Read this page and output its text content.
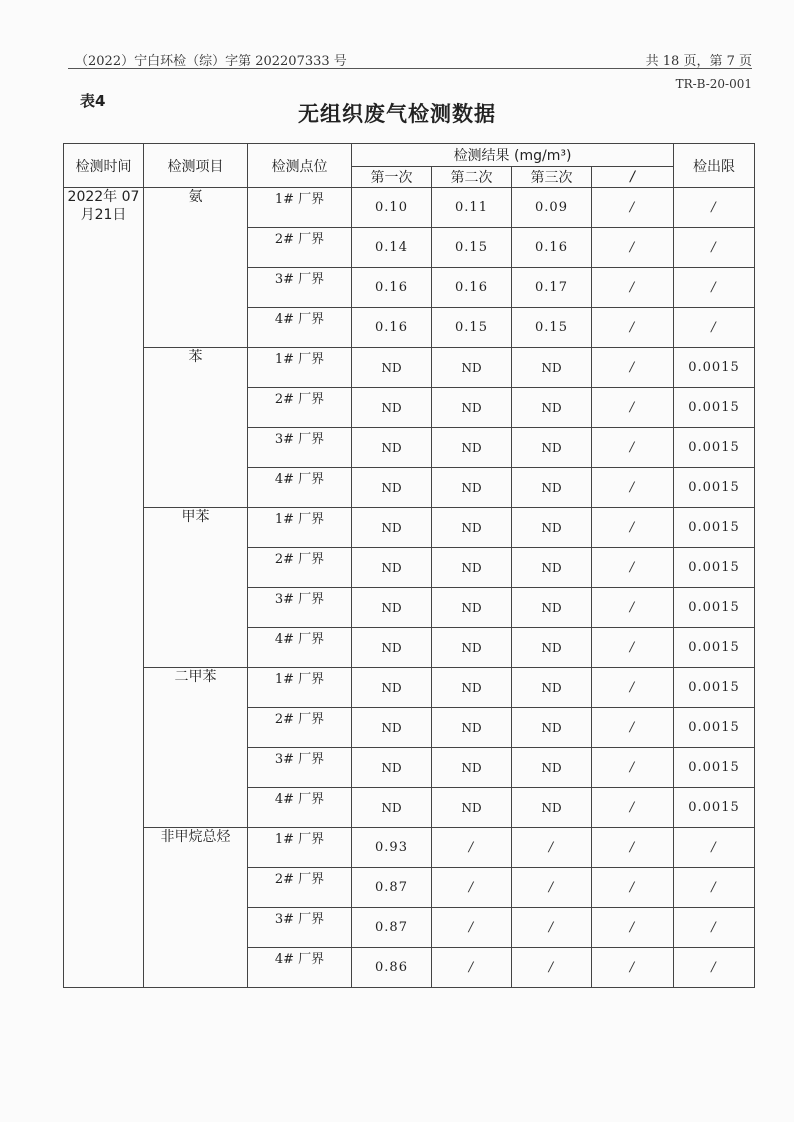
（2022）宁白环检（综）字第 202207333 号	共 18 页，第 7 页
TR-B-20-001
表4
无组织废气检测数据
检测时间	检测项目	检测点位	检测结果 (mg/m³)				检出限
			第一次	第二次	第三次	/	
2022年 07月21日	氨	1# 厂界	0.10	0.11	0.09	/	/
		2# 厂界	0.14	0.15	0.16	/	/
		3# 厂界	0.16	0.16	0.17	/	/
		4# 厂界	0.16	0.15	0.15	/	/
	苯	1# 厂界	ND	ND	ND	/	0.0015
		2# 厂界	ND	ND	ND	/	0.0015
		3# 厂界	ND	ND	ND	/	0.0015
		4# 厂界	ND	ND	ND	/	0.0015
	甲苯	1# 厂界	ND	ND	ND	/	0.0015
		2# 厂界	ND	ND	ND	/	0.0015
		3# 厂界	ND	ND	ND	/	0.0015
		4# 厂界	ND	ND	ND	/	0.0015
	二甲苯	1# 厂界	ND	ND	ND	/	0.0015
		2# 厂界	ND	ND	ND	/	0.0015
		3# 厂界	ND	ND	ND	/	0.0015
		4# 厂界	ND	ND	ND	/	0.0015
	非甲烷总烃	1# 厂界	0.93	/	/	/	/
		2# 厂界	0.87	/	/	/	/
		3# 厂界	0.87	/	/	/	/
		4# 厂界	0.86	/	/	/	/
